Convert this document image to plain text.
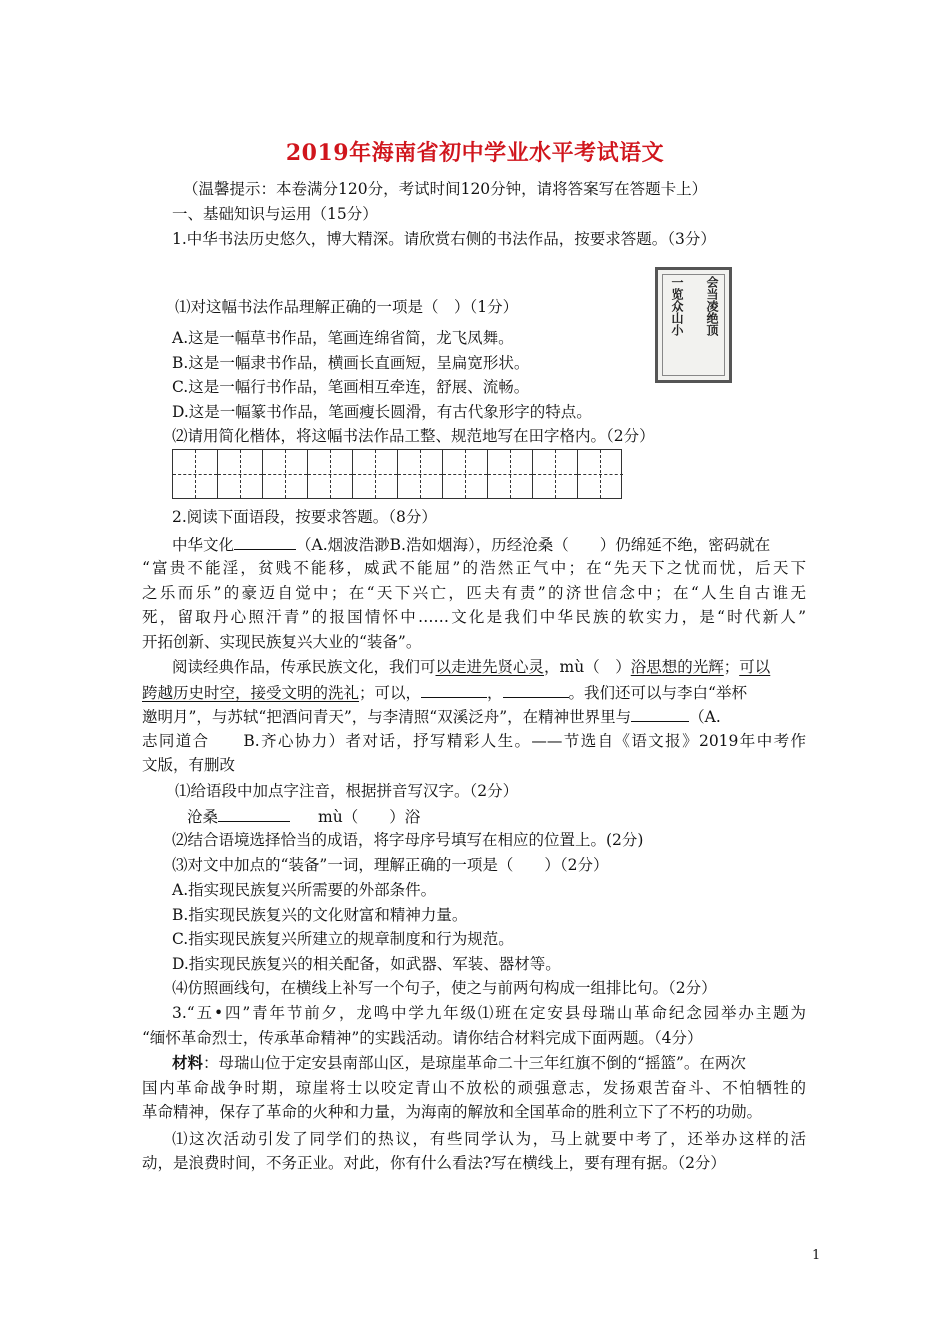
2019年海南省初中学业水平考试语文
（温馨提示：本卷满分120分，考试时间120分钟，请将答案写在答题卡上）
一、基础知识与运用（15分）
1.中华书法历史悠久，博大精深。请欣赏右侧的书法作品，按要求答题。（3分）
会当凌绝顶
一览众山小
⑴对这幅书法作品理解正确的一项是（　）（1分）
A.这是一幅草书作品，笔画连绵省简，龙飞凤舞。
B.这是一幅隶书作品，横画长直画短，呈扁宽形状。
C.这是一幅行书作品，笔画相互牵连，舒展、流畅。
D.这是一幅篆书作品，笔画瘦长圆滑，有古代象形字的特点。
⑵请用简化楷体，将这幅书法作品工整、规范地写在田字格内。（2分）
2.阅读下面语段，按要求答题。（8分）
中华文化	（A.烟波浩渺B.浩如烟海），历经沧桑（　　）仍绵延不绝，密码就在
“富贵不能淫，贫贱不能移，威武不能屈”的浩然正气中；在“先天下之忧而忧，后天下
之乐而乐”的豪迈自觉中；在“天下兴亡，匹夫有责”的济世信念中；在“人生自古谁无
死，留取丹心照汗青”的报国情怀中……文化是我们中华民族的软实力，是“时代新人”
开拓创新、实现民族复兴大业的“装备”。
阅读经典作品，传承民族文化，我们可以走进先贤心灵，mù（　）浴思想的光辉；可以
跨越历史时空，接受文明的洗礼；可以，	，	。我们还可以与李白“举杯
邀明月”，与苏轼“把酒问青天”，与李清照“双溪泛舟”，在精神世界里与	（A.
志同道合　　B.齐心协力）者对话，抒写精彩人生。——节选自《语文报》2019年中考作
文版，有删改
⑴给语段中加点字注音，根据拼音写汉字。（2分）
沧桑	mù（　　）浴
⑵结合语境选择恰当的成语，将字母序号填写在相应的位置上。(2分)
⑶对文中加点的“装备”一词，理解正确的一项是（　　）（2分）
A.指实现民族复兴所需要的外部条件。
B.指实现民族复兴的文化财富和精神力量。
C.指实现民族复兴所建立的规章制度和行为规范。
D.指实现民族复兴的相关配备，如武器、军装、器材等。
⑷仿照画线句，在横线上补写一个句子，使之与前两句构成一组排比句。（2分）
3.“五•四”青年节前夕，龙鸣中学九年级⑴班在定安县母瑞山革命纪念园举办主题为
“缅怀革命烈士，传承革命精神”的实践活动。请你结合材料完成下面两题。（4分）
材料：母瑞山位于定安县南部山区，是琼崖革命二十三年红旗不倒的“摇篮”。在两次
国内革命战争时期，琼崖将士以咬定青山不放松的顽强意志，发扬艰苦奋斗、不怕牺牲的
革命精神，保存了革命的火种和力量，为海南的解放和全国革命的胜利立下了不朽的功勋。
⑴这次活动引发了同学们的热议，有些同学认为，马上就要中考了，还举办这样的活
动，是浪费时间，不务正业。对此，你有什么看法?写在横线上，要有理有据。（2分）
1
